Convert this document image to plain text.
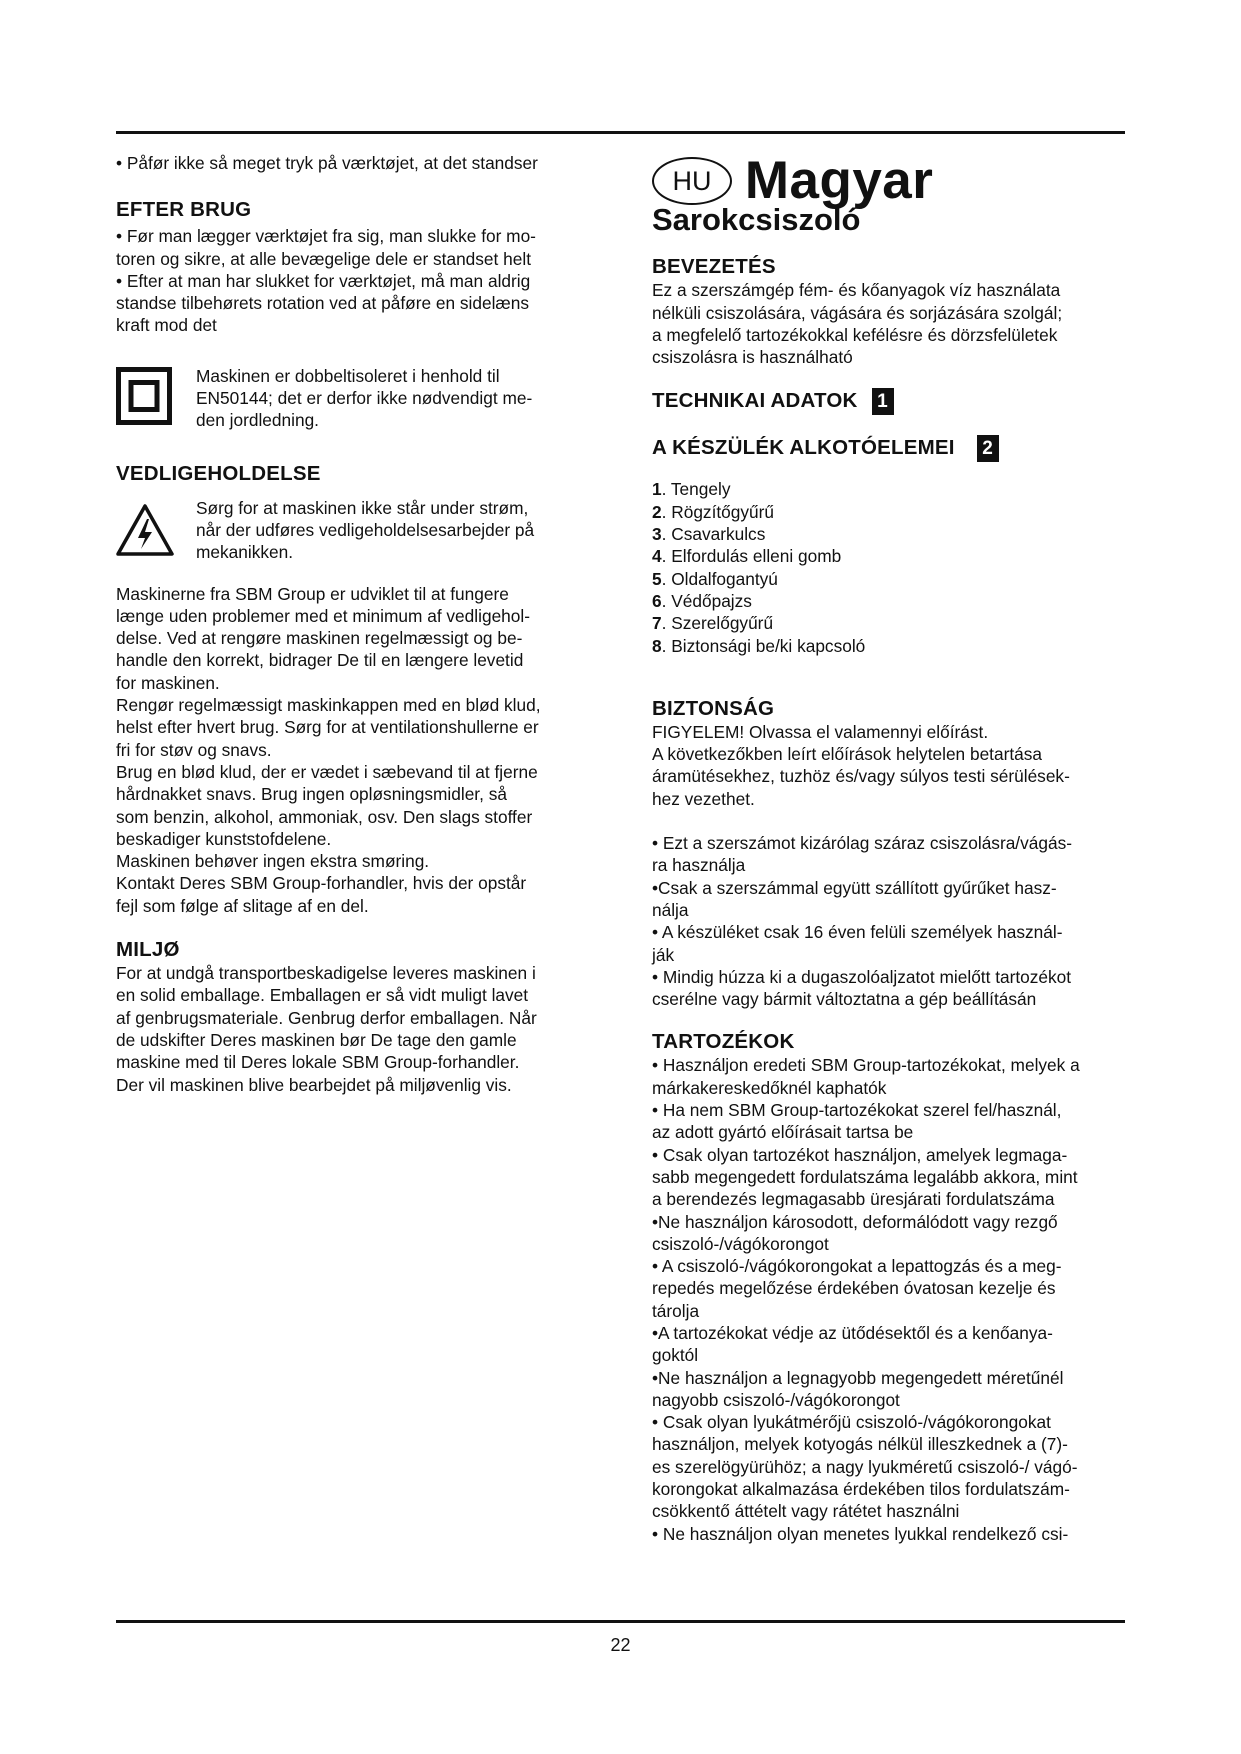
• Påfør ikke så meget tryk på værktøjet, at det standser

EFTER BRUG

• Før man lægger værktøjet fra sig, man slukke for mo-

toren og sikre, at alle bevægelige dele er standset helt

• Efter at man har slukket for værktøjet, må man aldrig

standse tilbehørets rotation ved at påføre en sidelæns

kraft mod det

Maskinen er dobbeltisoleret i henhold til

EN50144; det er derfor ikke nødvendigt me-

den jordledning.

VEDLIGEHOLDELSE

Sørg for at maskinen ikke står under strøm,

når der udføres vedligeholdelsesarbejder på

mekanikken.

Maskinerne fra SBM Group er udviklet til at fungere

længe uden problemer med et minimum af vedligehol-

delse. Ved at rengøre maskinen regelmæssigt og be-

handle den korrekt, bidrager De til en længere levetid

for maskinen.

Rengør regelmæssigt maskinkappen med en blød klud,

helst efter hvert brug. Sørg for at ventilationshullerne er

fri for støv og snavs.

Brug en blød klud, der er vædet i sæbevand til at fjerne

hårdnakket snavs. Brug ingen opløsningsmidler, så

som benzin, alkohol, ammoniak, osv. Den slags stoffer

beskadiger kunststofdelene.

Maskinen behøver ingen ekstra smøring.

Kontakt Deres SBM Group-forhandler, hvis der opstår

fejl som følge af slitage af en del.

MILJØ

For at undgå transportbeskadigelse leveres maskinen i

en solid emballage. Emballagen er så vidt muligt lavet

af genbrugsmateriale. Genbrug derfor emballagen. Når

de udskifter Deres maskinen bør De tage den gamle

maskine med til Deres lokale SBM Group-forhandler.

Der vil maskinen blive bearbejdet på miljøvenlig vis.

HU Magyar
Sarokcsiszoló
BEVEZETÉS

Ez a szerszámgép fém- és kőanyagok víz használata

nélküli csiszolására, vágására és sorjázására szolgál;

a megfelelő tartozékokkal kefélésre és dörzsfelületek

csiszolásra is használható

TECHNIKAI ADATOK 1
A KÉSZÜLÉK ALKOTÓELEMEI 2

1. Tengely

2. Rögzítőgyűrű

3. Csavarkulcs

4. Elfordulás elleni gomb

5. Oldalfogantyú

6. Védőpajzs

7. Szerelőgyűrű

8. Biztonsági be/ki kapcsoló

BIZTONSÁG

FIGYELEM! Olvassa el valamennyi előírást.

A következőkben leírt előírások helytelen betartása

áramütésekhez, tuzhöz és/vagy súlyos testi sérülések-

hez vezethet.

• Ezt a szerszámot kizárólag száraz csiszolásra/vágás-

ra használja

•Csak a szerszámmal együtt szállított gyűrűket hasz-

nálja

• A készüléket csak 16 éven felüli személyek használ-

ják

• Mindig húzza ki a dugaszolóaljzatot mielőtt tartozékot

cserélne vagy bármit változtatna a gép beállításán

TARTOZÉKOK

• Használjon eredeti SBM Group-tartozékokat, melyek a

márkakereskedőknél kaphatók

• Ha nem SBM Group-tartozékokat szerel fel/használ,

az adott gyártó előírásait tartsa be

• Csak olyan tartozékot használjon, amelyek legmaga-

sabb megengedett fordulatszáma legalább akkora, mint

a berendezés legmagasabb üresjárati fordulatszáma

•Ne használjon károsodott, deformálódott vagy rezgő

csiszoló-/vágókorongot

• A csiszoló-/vágókorongokat a lepattogzás és a meg-

repedés megelőzése érdekében óvatosan kezelje és

tárolja

•A tartozékokat védje az ütődésektől és a kenőanya-

goktól

•Ne használjon a legnagyobb megengedett méretűnél

nagyobb csiszoló-/vágókorongot

• Csak olyan lyukátmérőjü csiszoló-/vágókorongokat

használjon, melyek kotyogás nélkül illeszkednek a (7)-

es szerelögyürühöz; a nagy lyukméretű csiszoló-/ vágó-

korongokat alkalmazása érdekében tilos fordulatszám-

csökkentő áttételt vagy rátétet használni

• Ne használjon olyan menetes lyukkal rendelkező csi-

22
